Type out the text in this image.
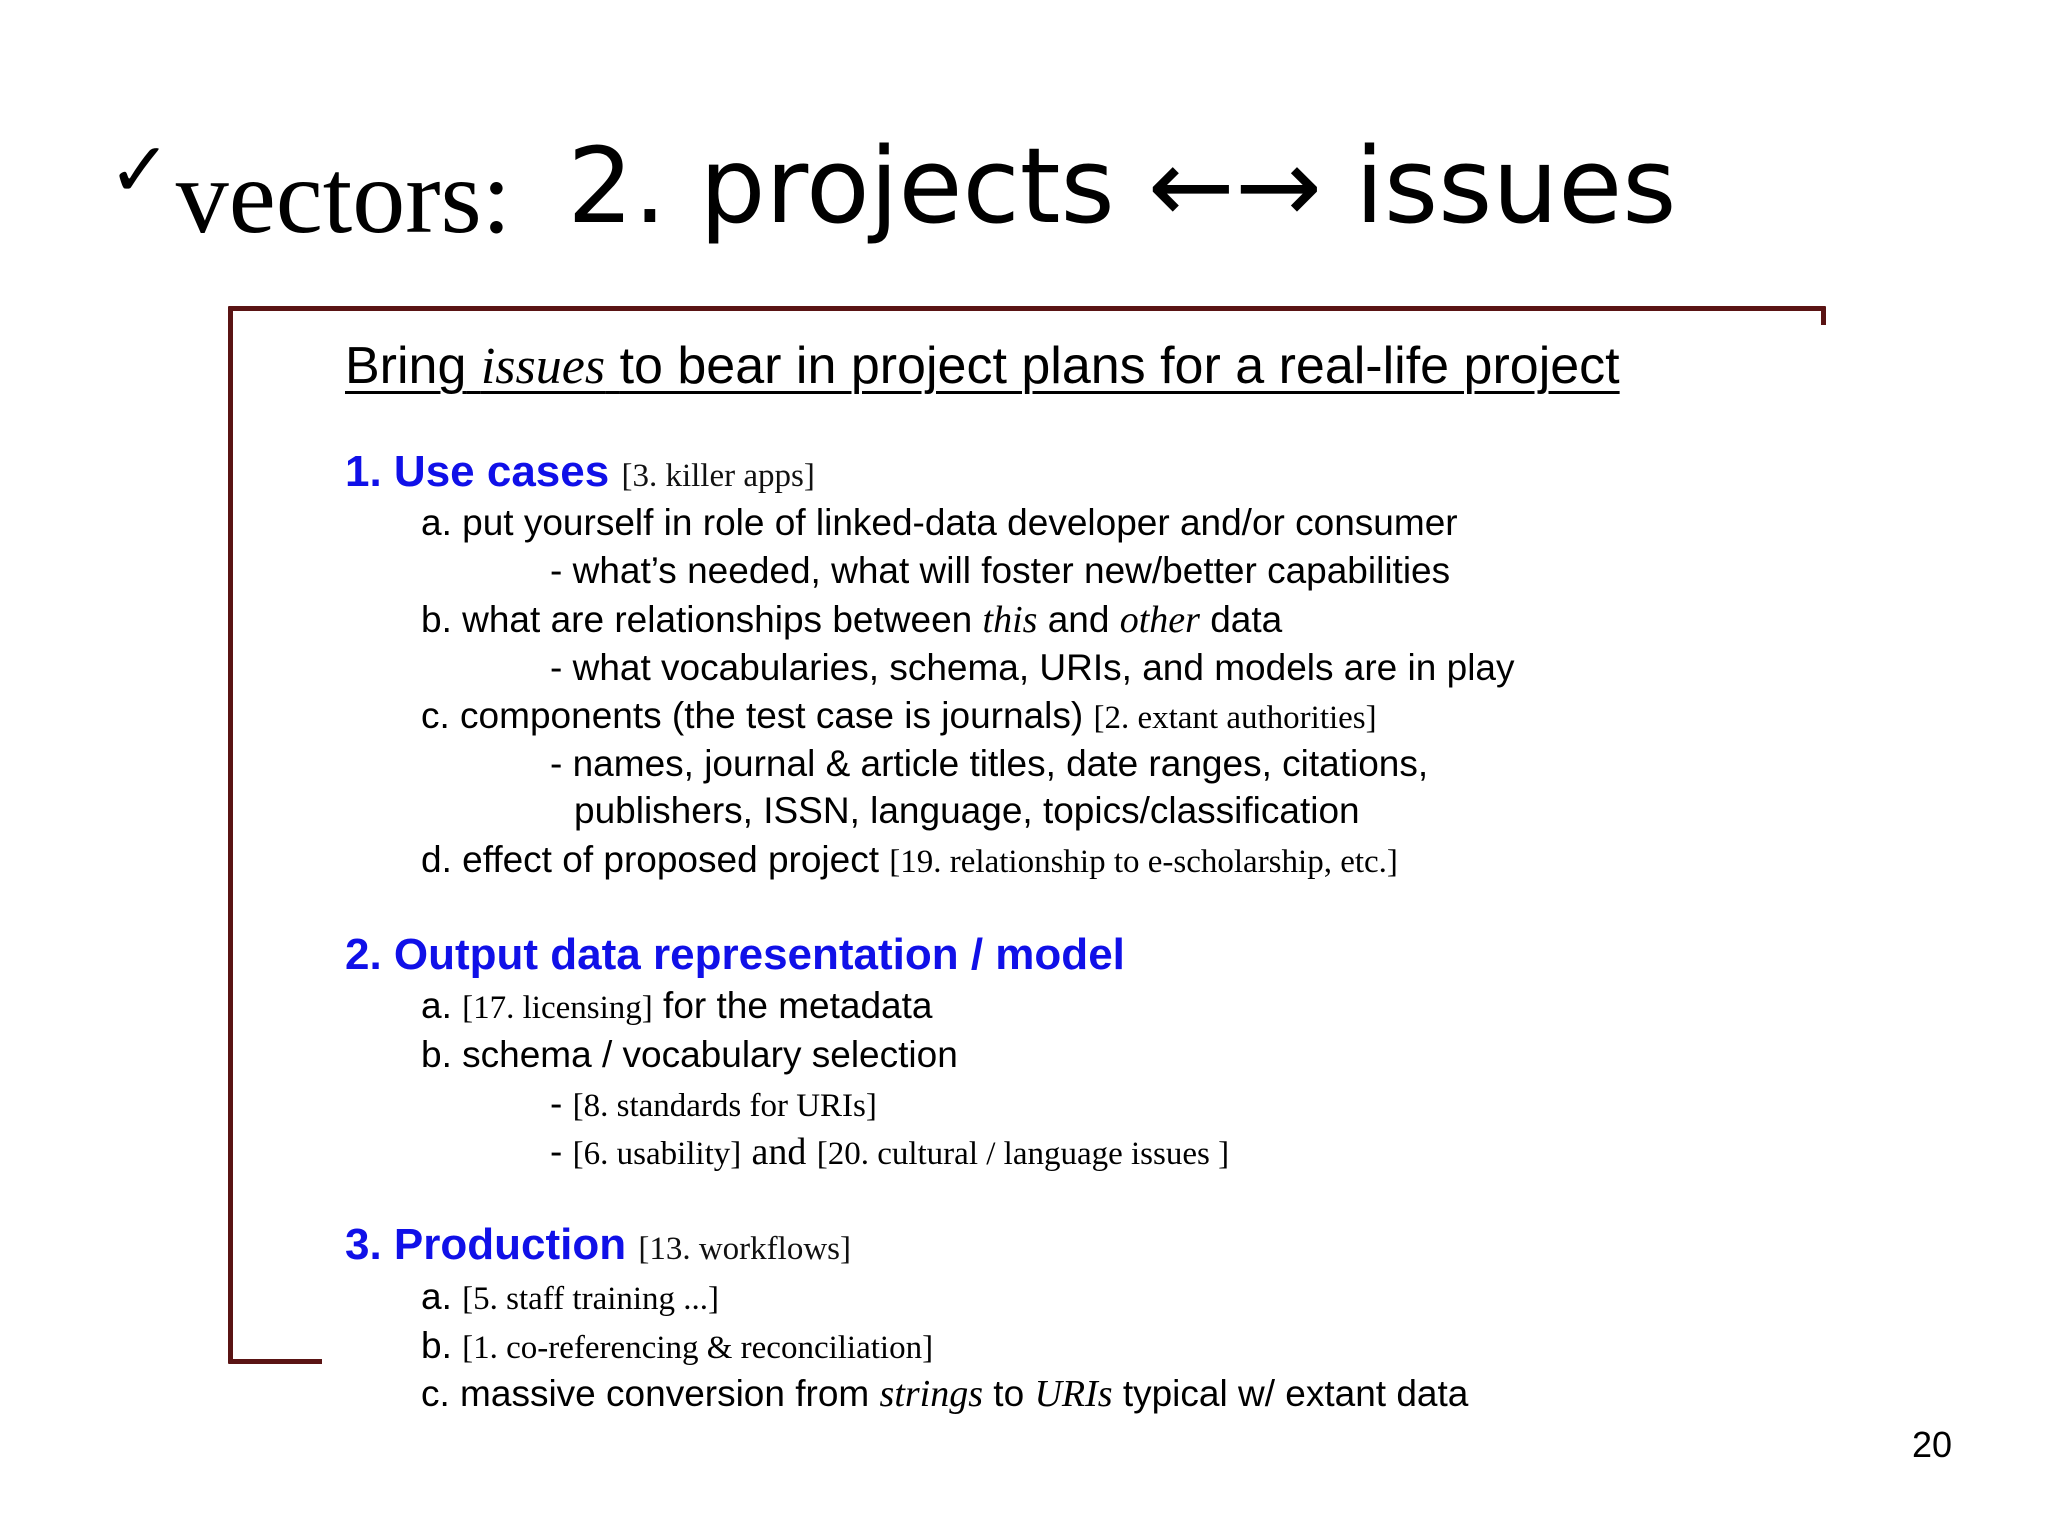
✓vectors: 2. projects ←→ issues
Bring issues to bear in project plans for a real-life project
1. Use cases [3. killer apps]
a. put yourself in role of linked-data developer and/or consumer
- what’s needed, what will foster new/better capabilities
b. what are relationships between this and other data
- what vocabularies, schema, URIs, and models are in play
c. components (the test case is journals) [2. extant authorities]
- names, journal & article titles, date ranges, citations,
publishers, ISSN, language, topics/classification
d. effect of proposed project [19. relationship to e-scholarship, etc.]
2. Output data representation / model
a. [17. licensing] for the metadata
b. schema / vocabulary selection
- [8. standards for URIs]
- [6. usability] and [20. cultural / language issues ]
3. Production [13. workflows]
a. [5. staff training ...]
b. [1. co-referencing & reconciliation]
c. massive conversion from strings to URIs typical w/ extant data
20
